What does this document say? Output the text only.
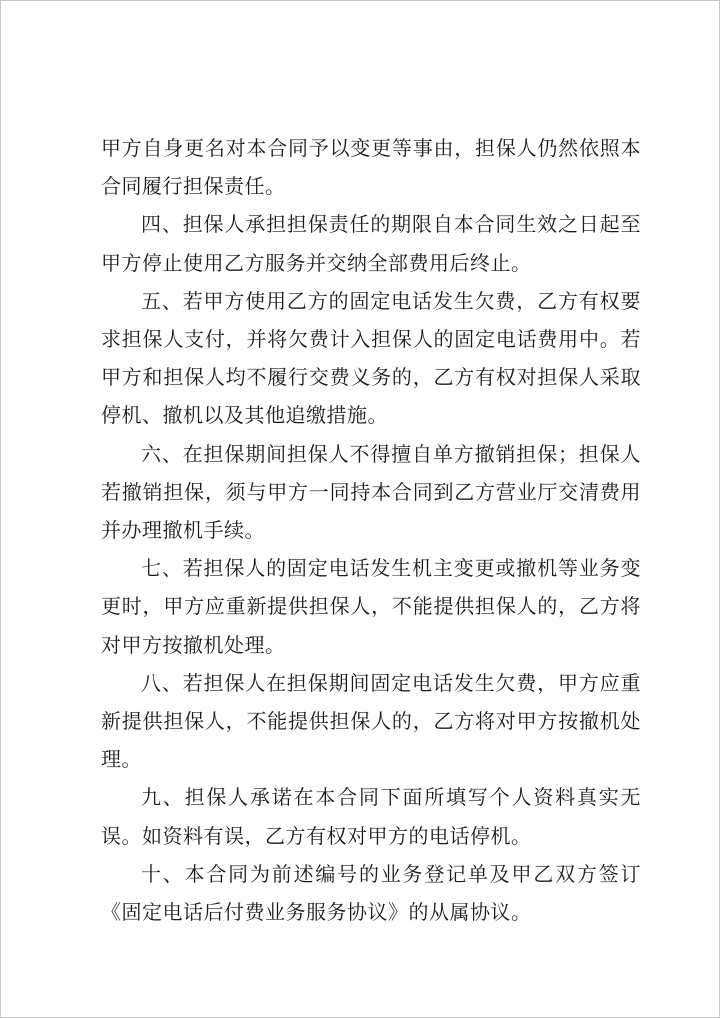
甲方自身更名对本合同予以变更等事由，担保人仍然依照本合同履行担保责任。

四、担保人承担担保责任的期限自本合同生效之日起至甲方停止使用乙方服务并交纳全部费用后终止。

五、若甲方使用乙方的固定电话发生欠费，乙方有权要求担保人支付，并将欠费计入担保人的固定电话费用中。若甲方和担保人均不履行交费义务的，乙方有权对担保人采取停机、撤机以及其他追缴措施。

六、在担保期间担保人不得擅自单方撤销担保；担保人若撤销担保，须与甲方一同持本合同到乙方营业厅交清费用并办理撤机手续。

七、若担保人的固定电话发生机主变更或撤机等业务变更时，甲方应重新提供担保人，不能提供担保人的，乙方将对甲方按撤机处理。

八、若担保人在担保期间固定电话发生欠费，甲方应重新提供担保人，不能提供担保人的，乙方将对甲方按撤机处理。

九、担保人承诺在本合同下面所填写个人资料真实无误。如资料有误，乙方有权对甲方的电话停机。

十、本合同为前述编号的业务登记单及甲乙双方签订《固定电话后付费业务服务协议》的从属协议。
